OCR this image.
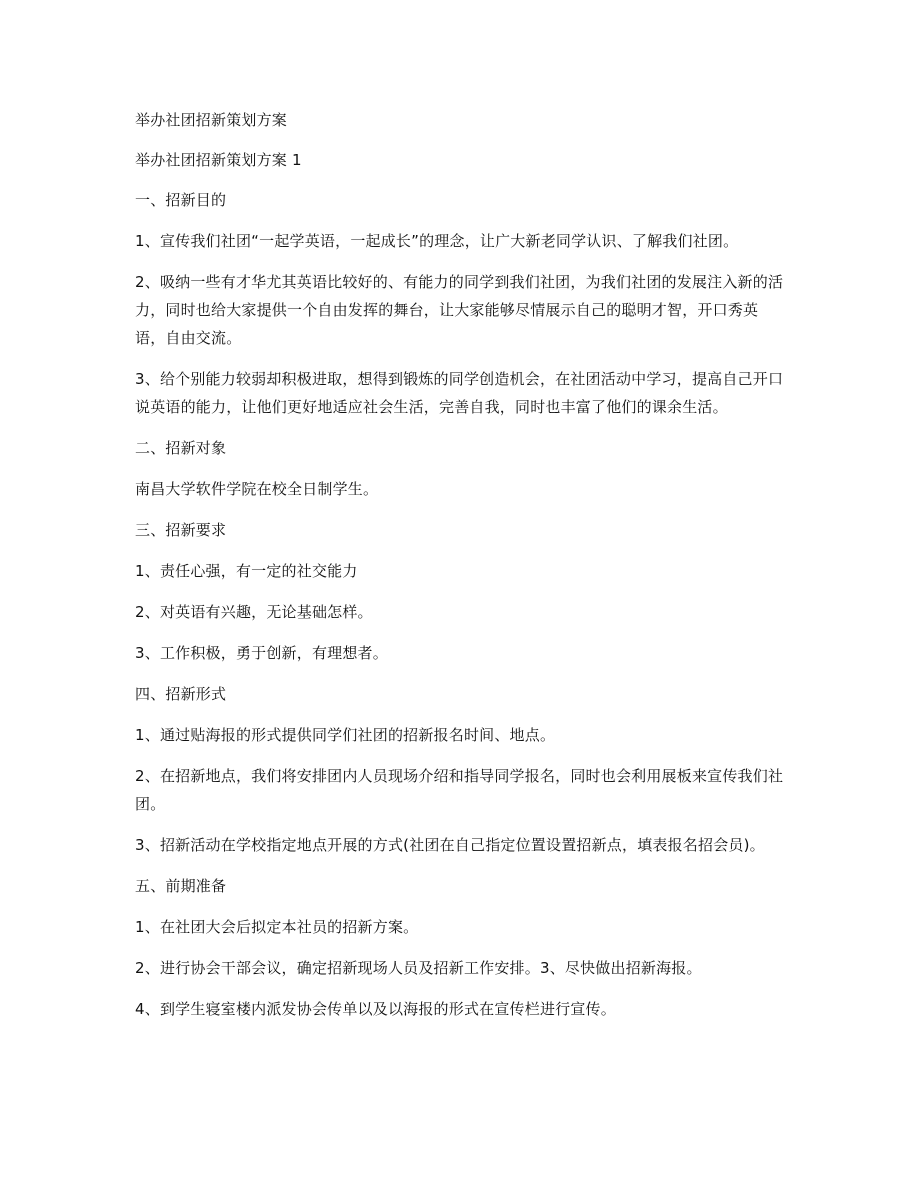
举办社团招新策划方案

举办社团招新策划方案 1

一、招新目的

1、宣传我们社团“一起学英语，一起成长”的理念，让广大新老同学认识、了解我们社团。

2、吸纳一些有才华尤其英语比较好的、有能力的同学到我们社团，为我们社团的发展注入新的活力，同时也给大家提供一个自由发挥的舞台，让大家能够尽情展示自己的聪明才智，开口秀英语，自由交流。

3、给个别能力较弱却积极进取，想得到锻炼的同学创造机会，在社团活动中学习，提高自己开口说英语的能力，让他们更好地适应社会生活，完善自我，同时也丰富了他们的课余生活。

二、招新对象

南昌大学软件学院在校全日制学生。

三、招新要求

1、责任心强，有一定的社交能力

2、对英语有兴趣，无论基础怎样。

3、工作积极，勇于创新，有理想者。

四、招新形式

1、通过贴海报的形式提供同学们社团的招新报名时间、地点。

2、在招新地点，我们将安排团内人员现场介绍和指导同学报名，同时也会利用展板来宣传我们社团。

3、招新活动在学校指定地点开展的方式(社团在自己指定位置设置招新点，填表报名招会员)。

五、前期准备

1、在社团大会后拟定本社员的招新方案。

2、进行协会干部会议，确定招新现场人员及招新工作安排。3、尽快做出招新海报。

4、到学生寝室楼内派发协会传单以及以海报的形式在宣传栏进行宣传。
